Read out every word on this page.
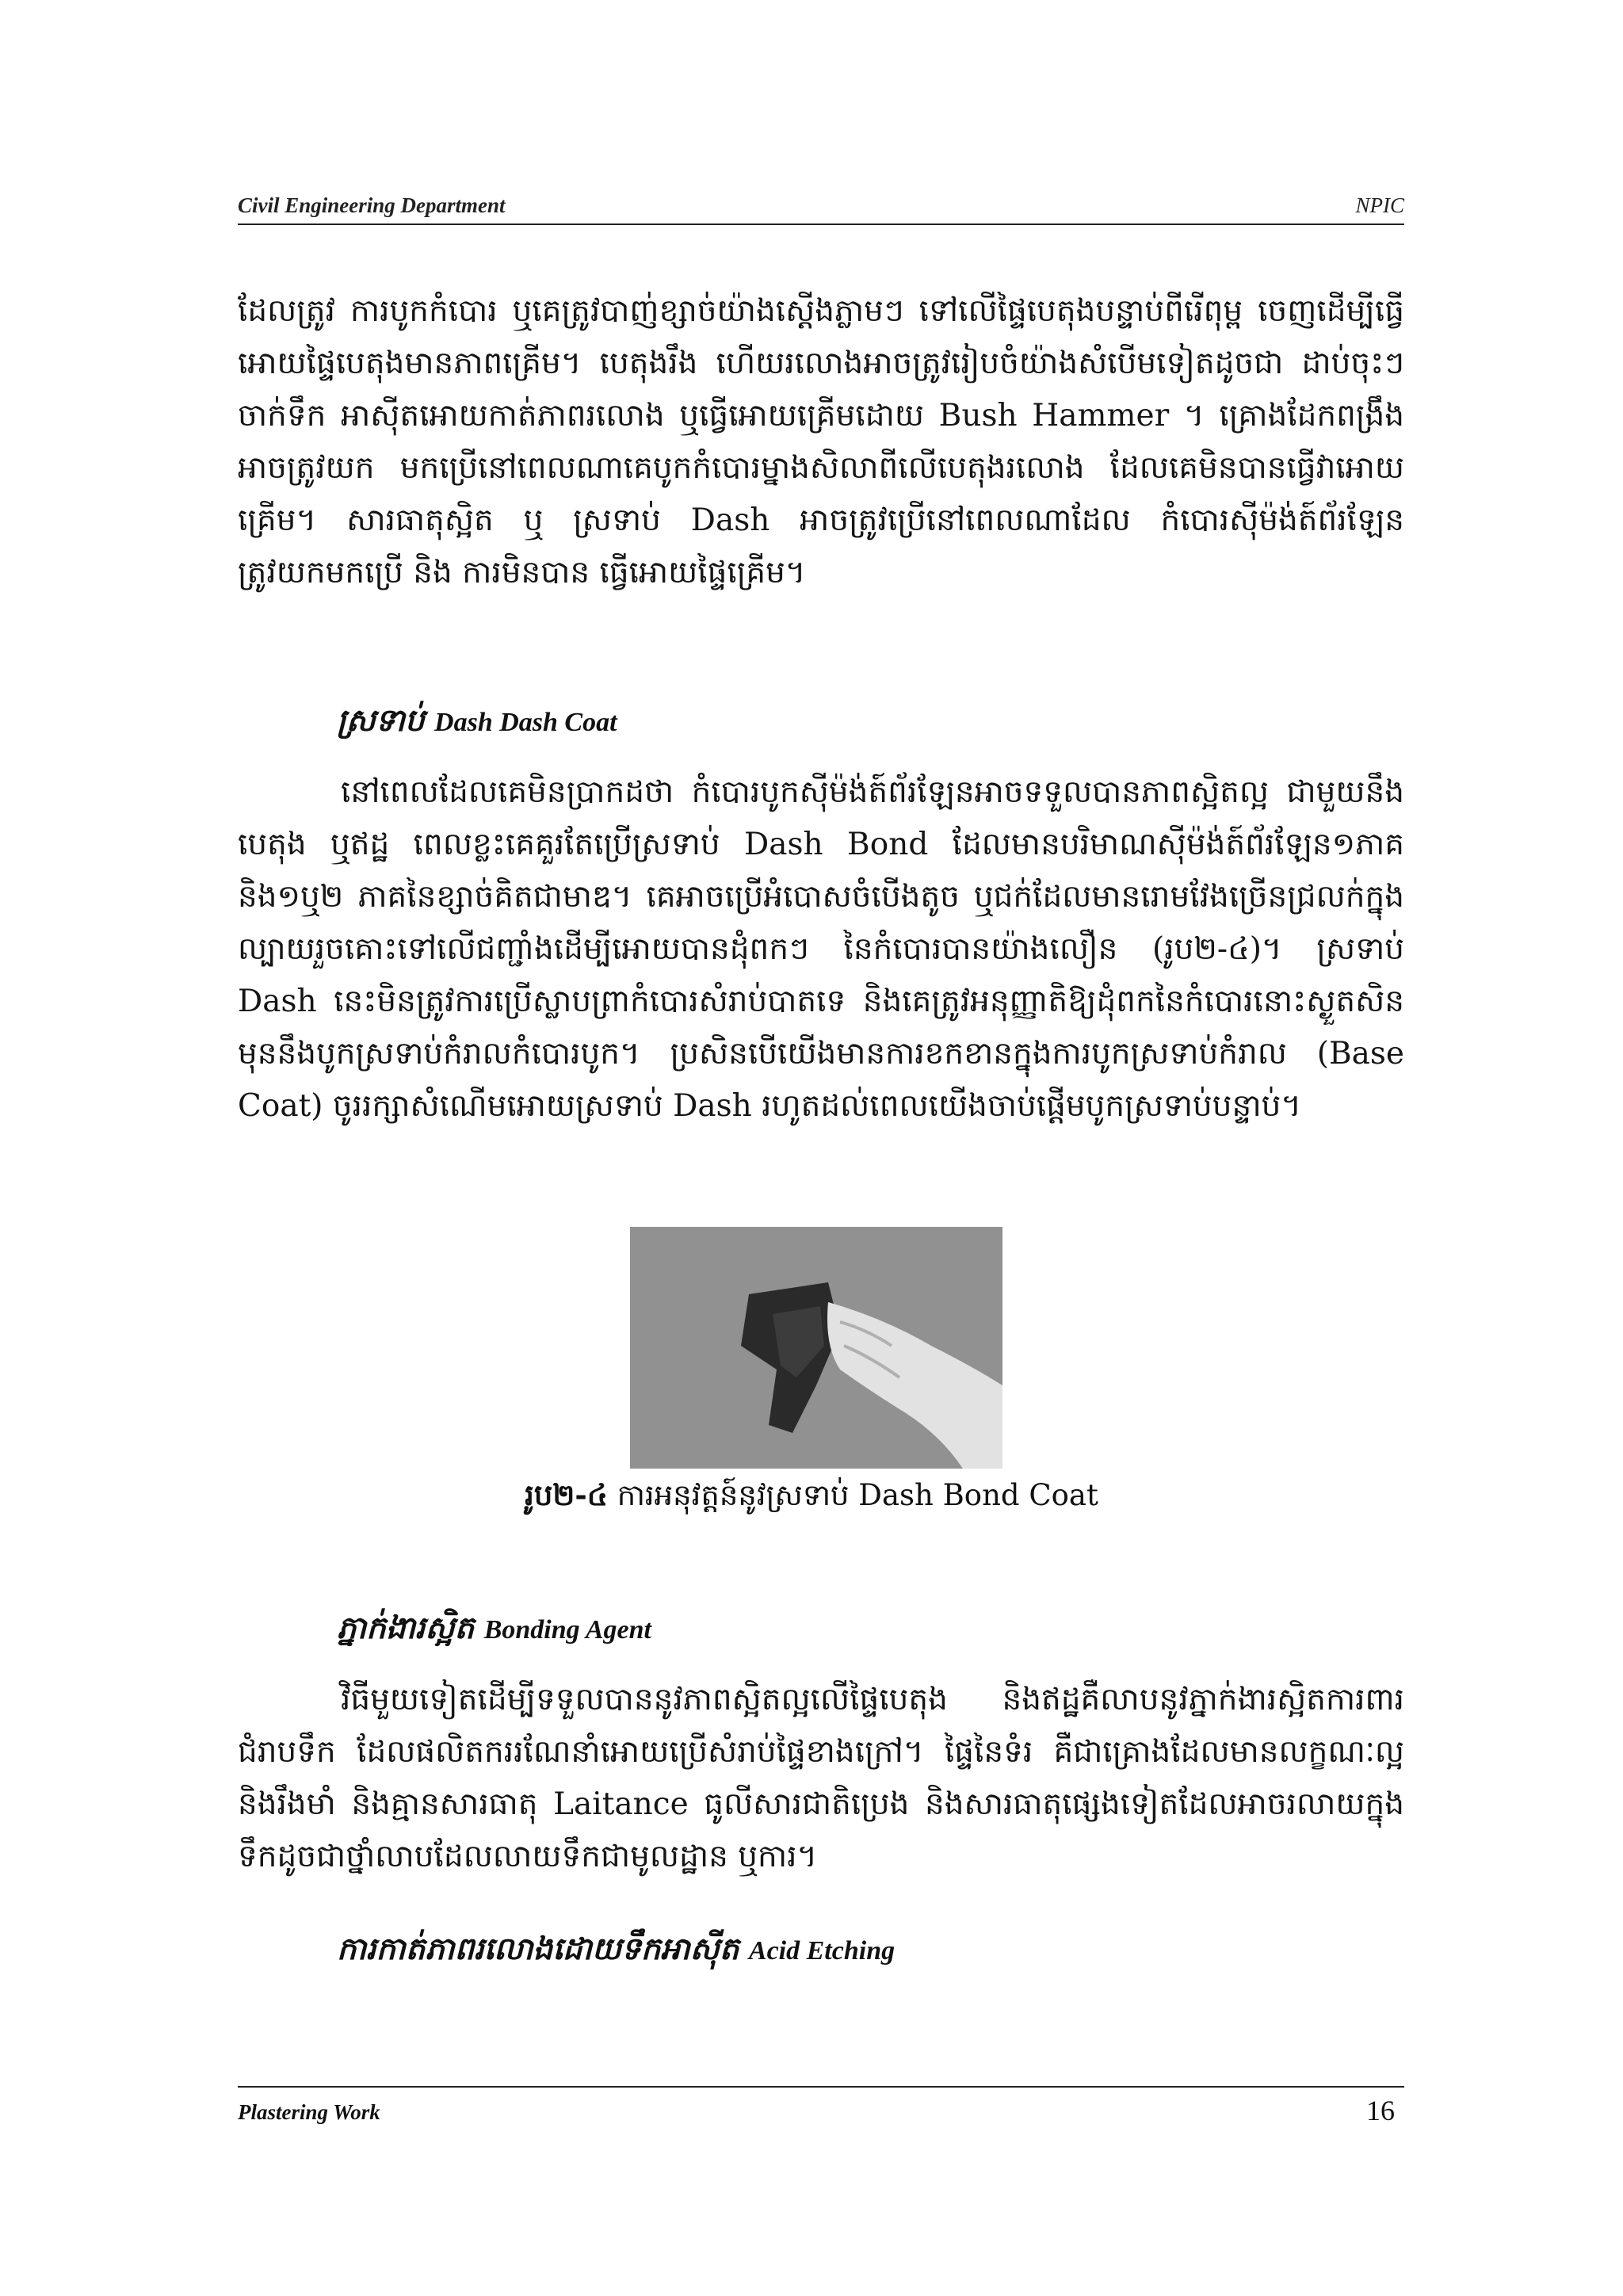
Civil Engineering Department	NPIC

ដែលត្រូវ ការបូកកំបោរ ឬគេត្រូវបាញ់ខ្សាច់យ៉ាងស្តើងភ្លាមៗ ទៅលើផ្ទៃបេតុងបន្ទាប់ពីរើពុម្ព ចេញដើម្បីធ្វើអោយផ្ទៃបេតុងមានភាពគ្រើម។ បេតុងរឹង ហើយរលោងអាចត្រូវរៀបចំយ៉ាងសំបើមទៀតដូចជា ដាប់ចុះៗ ចាក់ទឹក អាស៊ីតអោយកាត់ភាពរលោង ឬធ្វើអោយគ្រើមដោយ Bush Hammer ។ គ្រោងដែកពង្រឹងអាចត្រូវយក មកប្រើនៅពេលណាគេបូកកំបោរម្នាងសិលាពីលើបេតុងរលោង ដែលគេមិនបានធ្វើវាអោយគ្រើម។ សារធាតុស្អិត ឬ ស្រទាប់ Dash អាចត្រូវប្រើនៅពេលណាដែល កំបោរស៊ីម៉ង់ត៍ព័រឡែនត្រូវយកមកប្រើ និង ការមិនបាន ធ្វើអោយផ្ទៃគ្រើម។

ស្រទាប់ Dash Dash Coat

នៅពេលដែលគេមិនប្រាកដថា កំបោរបូកស៊ីម៉ង់ត៍ព័រឡែនអាចទទួលបានភាពស្អិតល្អ ជាមួយនឹងបេតុង ឬឥដ្ឋ ពេលខ្លះគេគួរតែប្រើស្រទាប់ Dash Bond ដែលមានបរិមាណស៊ីម៉ង់ត៍ព័រឡែន១ភាគ និង១ឬ២ ភាគនៃខ្សាច់គិតជាមាឌ។ គេអាចប្រើអំបោសចំបើងតូច ឬជក់ដែលមានរោមវែងច្រើនជ្រលក់ក្នុងល្បាយរួចគោះទៅលើជញ្ជាំងដើម្បីអោយបានដុំពកៗ នៃកំបោរបានយ៉ាងលឿន (រូប២-៤)។ ស្រទាប់ Dash នេះមិនត្រូវការប្រើស្លាបព្រាកំបោរសំរាប់បាតទេ និងគេត្រូវអនុញ្ញាតិឱ្យដុំពកនៃកំបោរនោះស្ងួតសិន មុននឹងបូកស្រទាប់កំរាលកំបោរបូក។ ប្រសិនបើយើងមានការខកខានក្នុងការបូកស្រទាប់កំរាល (Base Coat) ចូររក្សាសំណើមអោយស្រទាប់ Dash រហូតដល់ពេលយើងចាប់ផ្តើមបូកស្រទាប់បន្ទាប់។

រូប២-៤ ការអនុវត្តន៍នូវស្រទាប់ Dash Bond Coat
ភ្នាក់ងារស្អិត Bonding Agent

វិធីមួយទៀតដើម្បីទទួលបាននូវភាពស្អិតល្អលើផ្ទៃបេតុង និងឥដ្ឋគឺលាបនូវភ្នាក់ងារស្អិតការពារជំរាបទឹក ដែលផលិតកររណែនាំអោយប្រើសំរាប់ផ្ទៃខាងក្រៅ។ ផ្ទៃនៃទំរ គឺជាគ្រោងដែលមានលក្ខណៈល្អ និងរឹងមាំ និងគ្មានសារធាតុ Laitance ធូលីសារជាតិប្រេង និងសារធាតុផ្សេងទៀតដែលអាចរលាយក្នុងទឹកដូចជាថ្នាំលាបដែលលាយទឹកជាមូលដ្ឋាន ឬការ។

ការកាត់ភាពរលោងដោយទឹកអាស៊ីត Acid Etching
Plastering Work	16
